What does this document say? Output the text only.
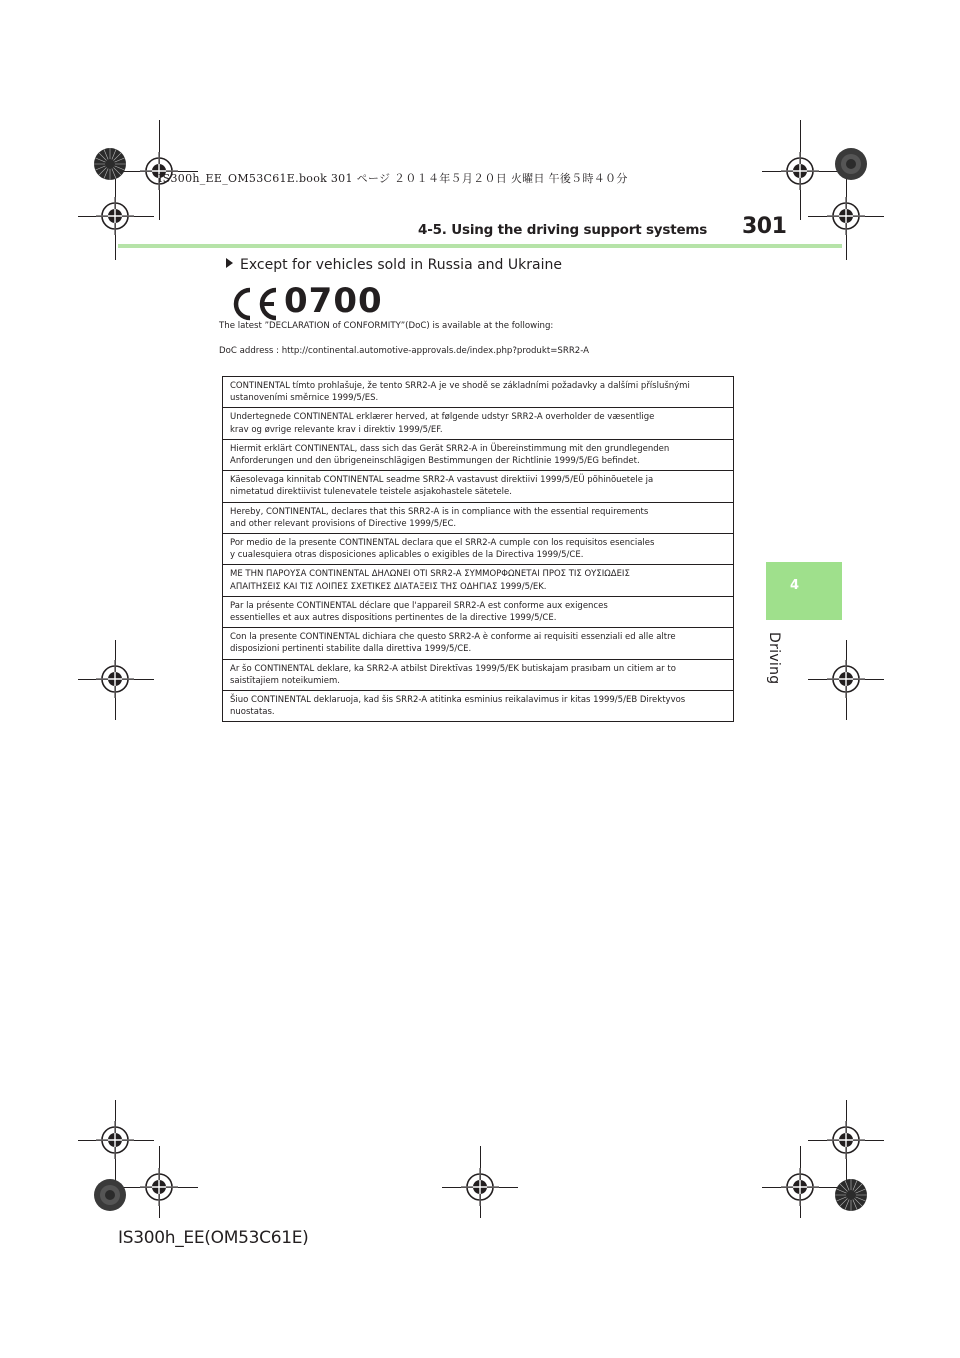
IS300h_EE_OM53C61E.book 301 ページ ２０１４年５月２０日 火曜日 午後５時４０分
4-5. Using the driving support systems 301
4
Driving
Except for vehicles sold in Russia and Ukraine
0700
The latest ”DECLARATION of CONFORMITY”(DoC) is available at the following:
DoC address : http://continental.automotive-approvals.de/index.php?produkt=SRR2-A
CONTINENTAL tímto prohlašuje, že tento SRR2-A je ve shodě se základními požadavky a dalšími příslušnými
ustanoveními směrnice 1999/5/ES.
Undertegnede CONTINENTAL erklærer herved, at følgende udstyr SRR2-A overholder de væsentlige
krav og øvrige relevante krav i direktiv 1999/5/EF.
Hiermit erklärt CONTINENTAL, dass sich das Gerät SRR2-A in Übereinstimmung mit den grundlegenden
Anforderungen und den übrigeneinschlägigen Bestimmungen der Richtlinie 1999/5/EG befindet.
Käesolevaga kinnitab CONTINENTAL seadme SRR2-A vastavust direktiivi 1999/5/EÜ põhinõuetele ja
nimetatud direktiivist tulenevatele teistele asjakohastele sätetele.
Hereby, CONTINENTAL, declares that this SRR2-A is in compliance with the essential requirements
and other relevant provisions of Directive 1999/5/EC.
Por medio de la presente CONTINENTAL declara que el SRR2-A cumple con los requisitos esenciales
y cualesquiera otras disposiciones aplicables o exigibles de la Directiva 1999/5/CE.
ΜΕ ΤΗΝ ΠΑΡΟΥΣΑ CONTINENTAL ΔΗΛΩΝΕΙ ΟΤΙ SRR2-A ΣΥΜΜΟΡΦΩΝΕΤΑΙ ΠΡΟΣ ΤΙΣ ΟΥΣΙΩΔΕΙΣ
ΑΠΑΙΤΗΣΕΙΣ ΚΑΙ ΤΙΣ ΛΟΙΠΕΣ ΣΧΕΤΙΚΕΣ ΔΙΑΤΑΞΕΙΣ ΤΗΣ ΟΔΗΓΙΑΣ 1999/5/ΕΚ.
Par la présente CONTINENTAL déclare que l'appareil SRR2-A est conforme aux exigences
essentielles et aux autres dispositions pertinentes de la directive 1999/5/CE.
Con la presente CONTINENTAL dichiara che questo SRR2-A è conforme ai requisiti essenziali ed alle altre
disposizioni pertinenti stabilite dalla direttiva 1999/5/CE.
Ar šo CONTINENTAL deklare, ka SRR2-A atbilst Direktīvas 1999/5/EK butiskajam prasıbam un citiem ar to
saistītajiem noteikumiem.
Šiuo CONTINENTAL deklaruoja, kad šis SRR2-A atitinka esminius reikalavimus ir kitas 1999/5/EB Direktyvos
nuostatas.
IS300h_EE(OM53C61E)
